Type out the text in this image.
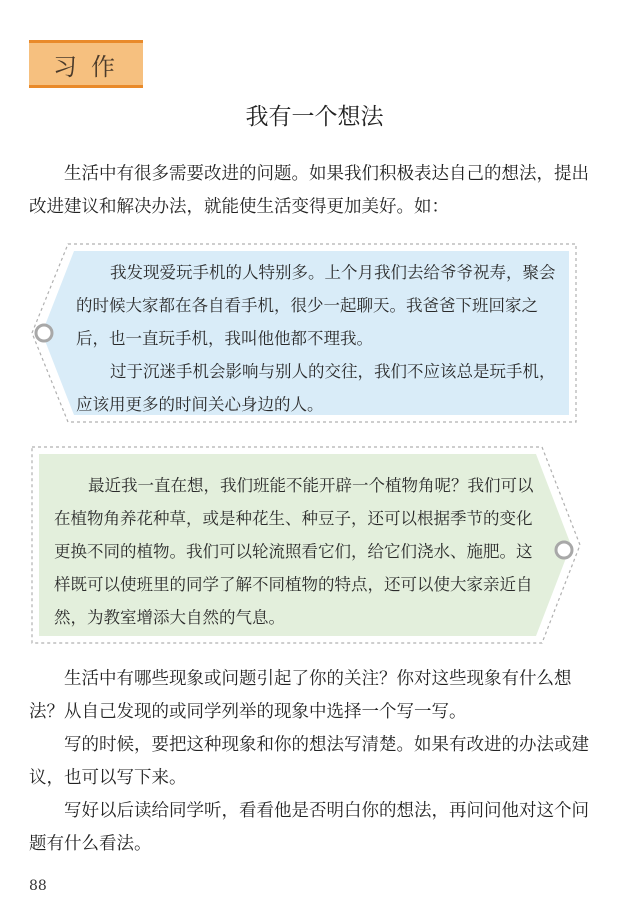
习作
我有一个想法

生活中有很多需要改进的问题。如果我们积极表达自己的想法，提出改进建议和解决办法，就能使生活变得更加美好。如：

我发现爱玩手机的人特别多。上个月我们去给爷爷祝寿，聚会的时候大家都在各自看手机，很少一起聊天。我爸爸下班回家之后，也一直玩手机，我叫他他都不理我。

过于沉迷手机会影响与别人的交往，我们不应该总是玩手机，应该用更多的时间关心身边的人。

最近我一直在想，我们班能不能开辟一个植物角呢？我们可以在植物角养花种草，或是种花生、种豆子，还可以根据季节的变化更换不同的植物。我们可以轮流照看它们，给它们浇水、施肥。这样既可以使班里的同学了解不同植物的特点，还可以使大家亲近自然，为教室增添大自然的气息。

生活中有哪些现象或问题引起了你的关注？你对这些现象有什么想法？从自己发现的或同学列举的现象中选择一个写一写。

写的时候，要把这种现象和你的想法写清楚。如果有改进的办法或建议，也可以写下来。

写好以后读给同学听，看看他是否明白你的想法，再问问他对这个问题有什么看法。

88
